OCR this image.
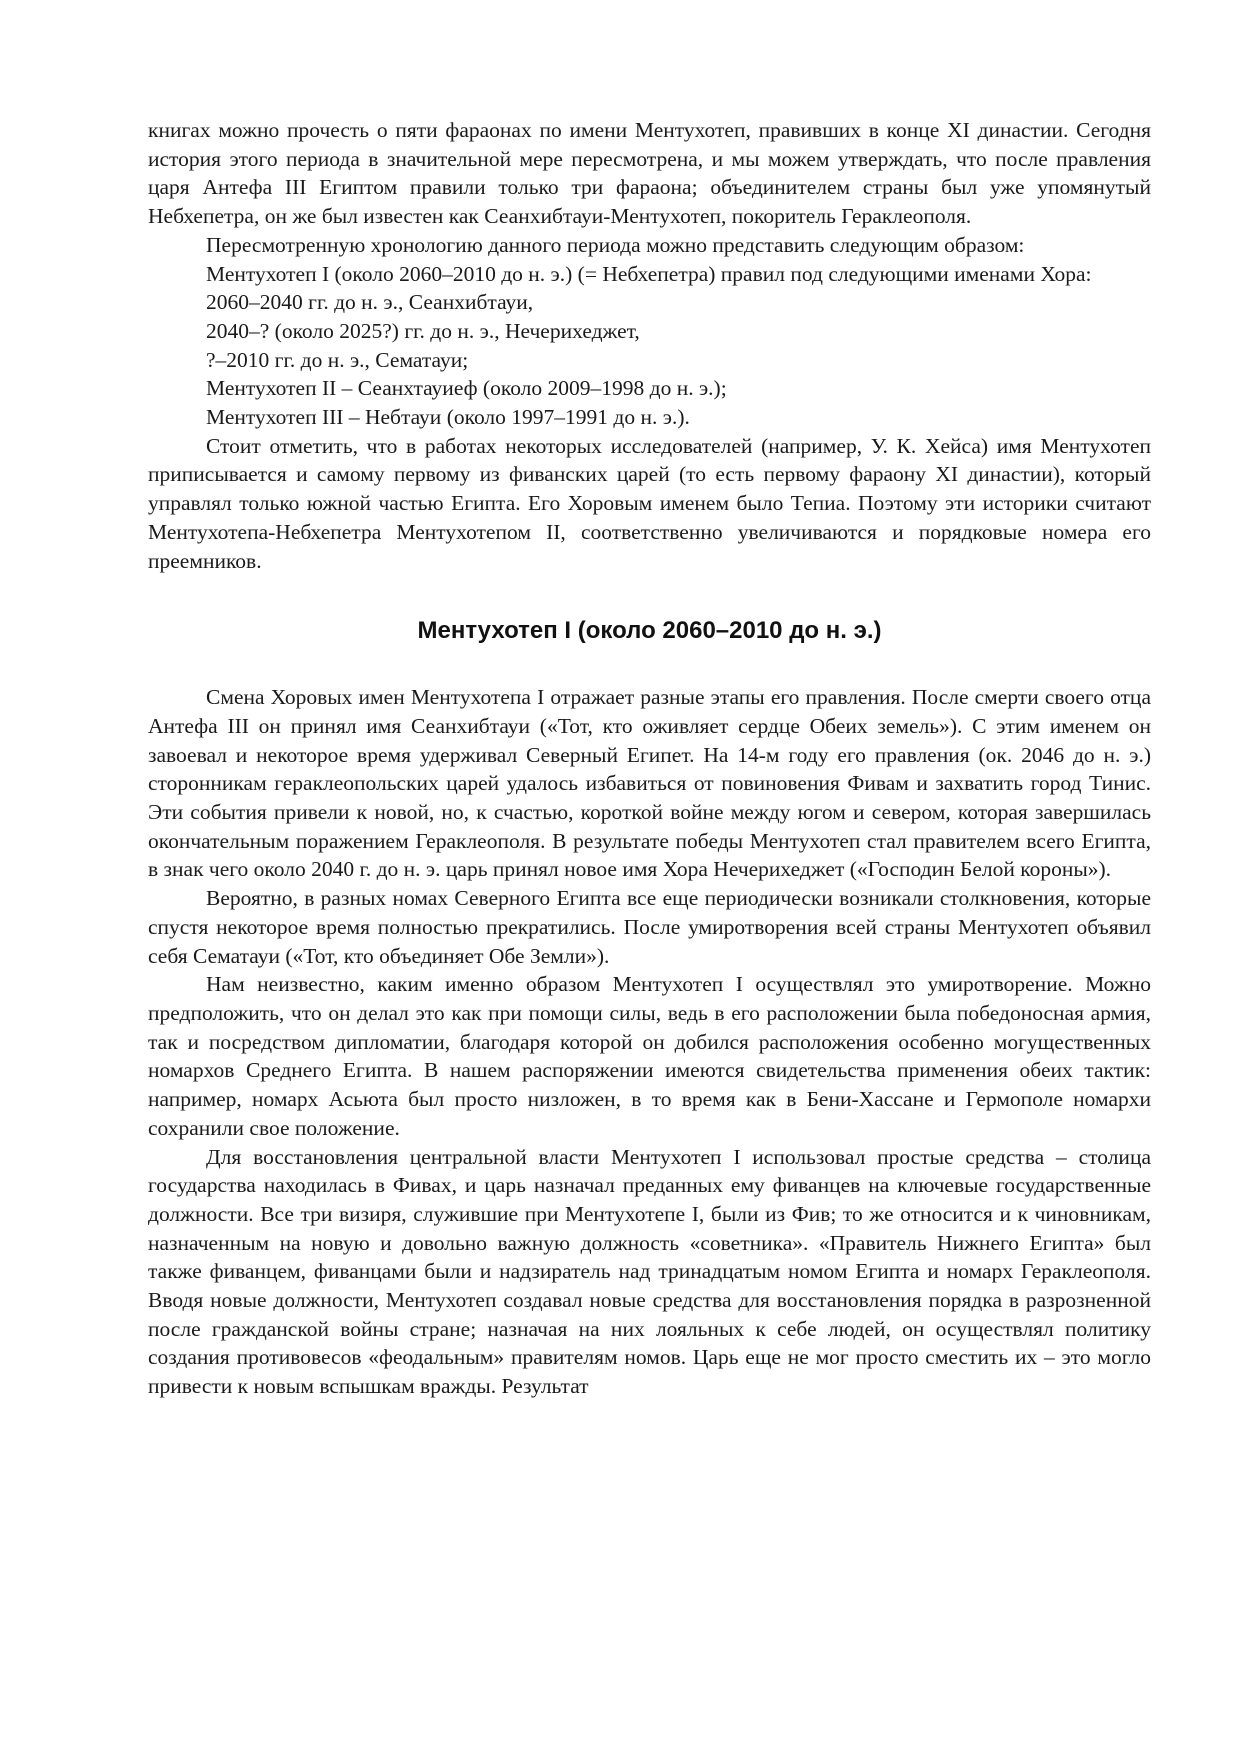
книгах можно прочесть о пяти фараонах по имени Ментухотеп, правивших в конце XI династии. Сегодня история этого периода в значительной мере пересмотрена, и мы можем утверждать, что после правления царя Антефа III Египтом правили только три фараона; объединителем страны был уже упомянутый Небхепетра, он же был известен как Сеанхибтауи-Ментухотеп, покоритель Гераклеополя.

Пересмотренную хронологию данного периода можно представить следующим образом:

Ментухотеп I (около 2060–2010 до н. э.) (= Небхепетра) правил под следующими именами Хора:

2060–2040 гг. до н. э., Сеанхибтауи,

2040–? (около 2025?) гг. до н. э., Нечерихеджет,

?–2010 гг. до н. э., Сематауи;

Ментухотеп II – Сеанхтауиеф (около 2009–1998 до н. э.);

Ментухотеп III – Небтауи (около 1997–1991 до н. э.).

Стоит отметить, что в работах некоторых исследователей (например, У. К. Хейса) имя Ментухотеп приписывается и самому первому из фиванских царей (то есть первому фараону XI династии), который управлял только южной частью Египта. Его Хоровым именем было Тепиа. Поэтому эти историки считают Ментухотепа-Небхепетра Ментухотепом II, соответственно увеличиваются и порядковые номера его преемников.

Ментухотеп I (около 2060–2010 до н. э.)

Смена Хоровых имен Ментухотепа I отражает разные этапы его правления. После смерти своего отца Антефа III он принял имя Сеанхибтауи («Тот, кто оживляет сердце Обеих земель»). С этим именем он завоевал и некоторое время удерживал Северный Египет. На 14-м году его правления (ок. 2046 до н. э.) сторонникам гераклеопольских царей удалось избавиться от повиновения Фивам и захватить город Тинис. Эти события привели к новой, но, к счастью, короткой войне между югом и севером, которая завершилась окончательным поражением Гераклеополя. В результате победы Ментухотеп стал правителем всего Египта, в знак чего около 2040 г. до н. э. царь принял новое имя Хора Нечерихеджет («Господин Белой короны»).

Вероятно, в разных номах Северного Египта все еще периодически возникали столкновения, которые спустя некоторое время полностью прекратились. После умиротворения всей страны Ментухотеп объявил себя Сематауи («Тот, кто объединяет Обе Земли»).

Нам неизвестно, каким именно образом Ментухотеп I осуществлял это умиротворение. Можно предположить, что он делал это как при помощи силы, ведь в его расположении была победоносная армия, так и посредством дипломатии, благодаря которой он добился расположения особенно могущественных номархов Среднего Египта. В нашем распоряжении имеются свидетельства применения обеих тактик: например, номарх Асьюта был просто низложен, в то время как в Бени-Хассане и Гермополе номархи сохранили свое положение.

Для восстановления центральной власти Ментухотеп I использовал простые средства – столица государства находилась в Фивах, и царь назначал преданных ему фиванцев на ключевые государственные должности. Все три визиря, служившие при Ментухотепе I, были из Фив; то же относится и к чиновникам, назначенным на новую и довольно важную должность «советника». «Правитель Нижнего Египта» был также фиванцем, фиванцами были и надзиратель над тринадцатым номом Египта и номарх Гераклеополя. Вводя новые должности, Ментухотеп создавал новые средства для восстановления порядка в разрозненной после гражданской войны стране; назначая на них лояльных к себе людей, он осуществлял политику создания противовесов «феодальным» правителям номов. Царь еще не мог просто сместить их – это могло привести к новым вспышкам вражды. Результат
